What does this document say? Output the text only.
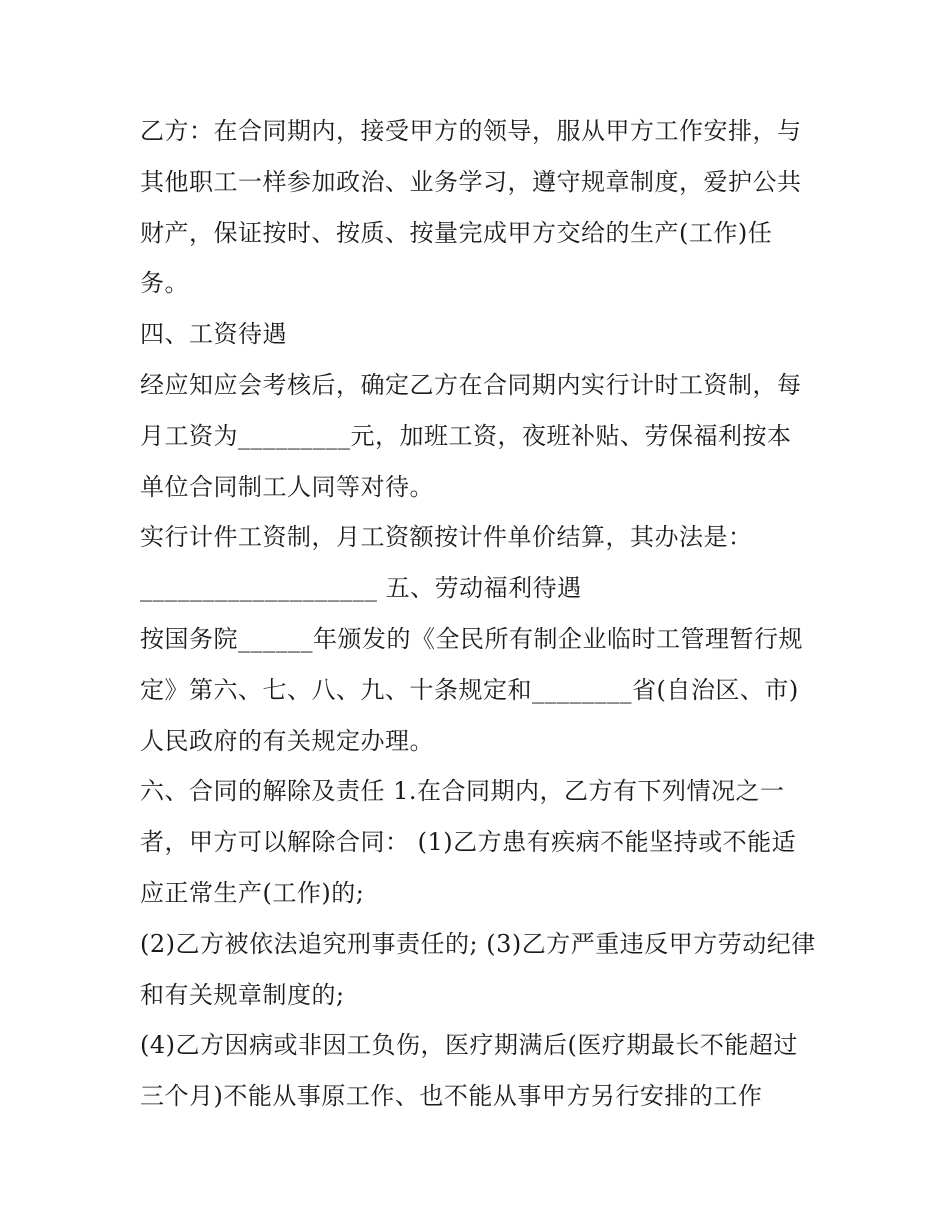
乙方：在合同期内，接受甲方的领导，服从甲方工作安排，与
其他职工一样参加政治、业务学习，遵守规章制度，爱护公共
财产，保证按时、按质、按量完成甲方交给的生产(工作)任
务。
四、工资待遇
经应知应会考核后，确定乙方在合同期内实行计时工资制，每
月工资为_________元，加班工资，夜班补贴、劳保福利按本
单位合同制工人同等对待。
实行计件工资制，月工资额按计件单价结算，其办法是：
___________________ 五、劳动福利待遇
按国务院______年颁发的《全民所有制企业临时工管理暂行规
定》第六、七、八、九、十条规定和________省(自治区、市)
人民政府的有关规定办理。
六、合同的解除及责任 1.在合同期内，乙方有下列情况之一
者，甲方可以解除合同： (1)乙方患有疾病不能坚持或不能适
应正常生产(工作)的;
(2)乙方被依法追究刑事责任的; (3)乙方严重违反甲方劳动纪律
和有关规章制度的;
(4)乙方因病或非因工负伤，医疗期满后(医疗期最长不能超过
三个月)不能从事原工作、也不能从事甲方另行安排的工作
